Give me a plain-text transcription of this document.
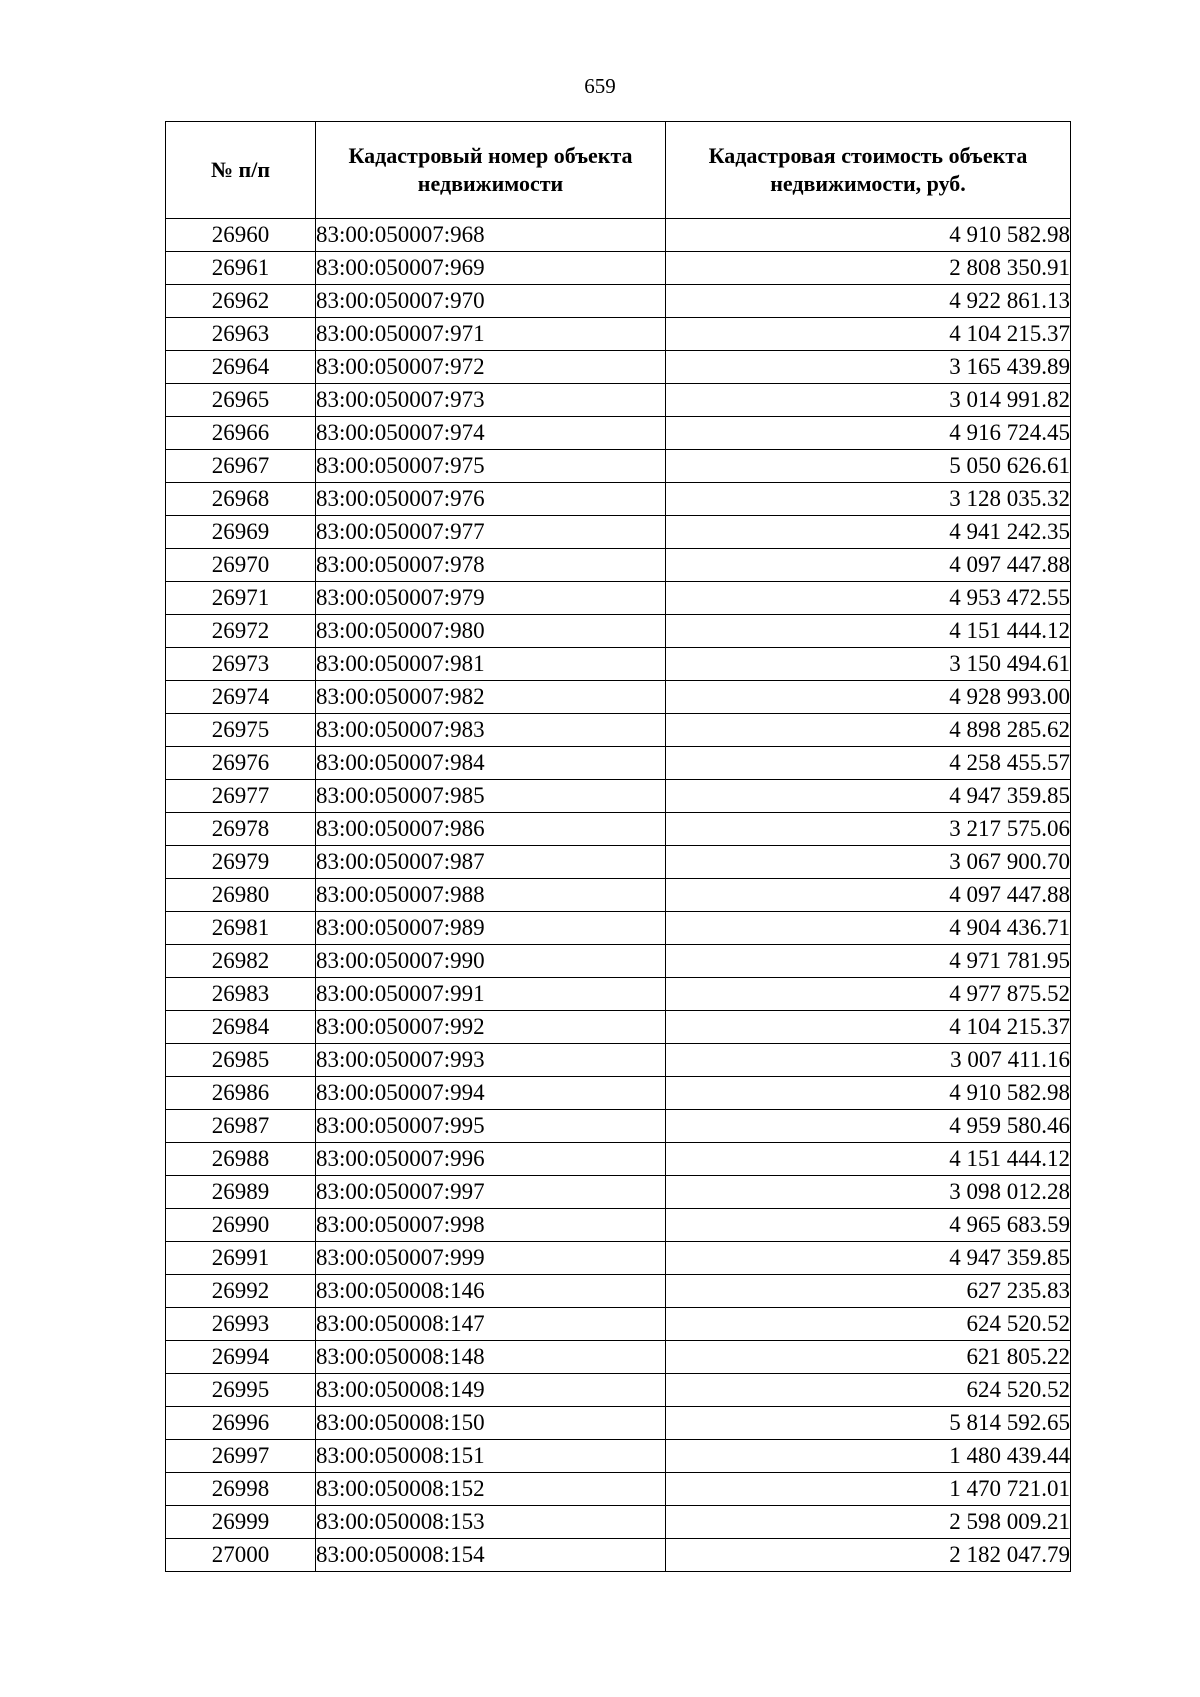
659
№ п/п	Кадастровый номер объекта недвижимости	Кадастровая стоимость объекта недвижимости, руб.
26960	83:00:050007:968	4 910 582.98
26961	83:00:050007:969	2 808 350.91
26962	83:00:050007:970	4 922 861.13
26963	83:00:050007:971	4 104 215.37
26964	83:00:050007:972	3 165 439.89
26965	83:00:050007:973	3 014 991.82
26966	83:00:050007:974	4 916 724.45
26967	83:00:050007:975	5 050 626.61
26968	83:00:050007:976	3 128 035.32
26969	83:00:050007:977	4 941 242.35
26970	83:00:050007:978	4 097 447.88
26971	83:00:050007:979	4 953 472.55
26972	83:00:050007:980	4 151 444.12
26973	83:00:050007:981	3 150 494.61
26974	83:00:050007:982	4 928 993.00
26975	83:00:050007:983	4 898 285.62
26976	83:00:050007:984	4 258 455.57
26977	83:00:050007:985	4 947 359.85
26978	83:00:050007:986	3 217 575.06
26979	83:00:050007:987	3 067 900.70
26980	83:00:050007:988	4 097 447.88
26981	83:00:050007:989	4 904 436.71
26982	83:00:050007:990	4 971 781.95
26983	83:00:050007:991	4 977 875.52
26984	83:00:050007:992	4 104 215.37
26985	83:00:050007:993	3 007 411.16
26986	83:00:050007:994	4 910 582.98
26987	83:00:050007:995	4 959 580.46
26988	83:00:050007:996	4 151 444.12
26989	83:00:050007:997	3 098 012.28
26990	83:00:050007:998	4 965 683.59
26991	83:00:050007:999	4 947 359.85
26992	83:00:050008:146	627 235.83
26993	83:00:050008:147	624 520.52
26994	83:00:050008:148	621 805.22
26995	83:00:050008:149	624 520.52
26996	83:00:050008:150	5 814 592.65
26997	83:00:050008:151	1 480 439.44
26998	83:00:050008:152	1 470 721.01
26999	83:00:050008:153	2 598 009.21
27000	83:00:050008:154	2 182 047.79
